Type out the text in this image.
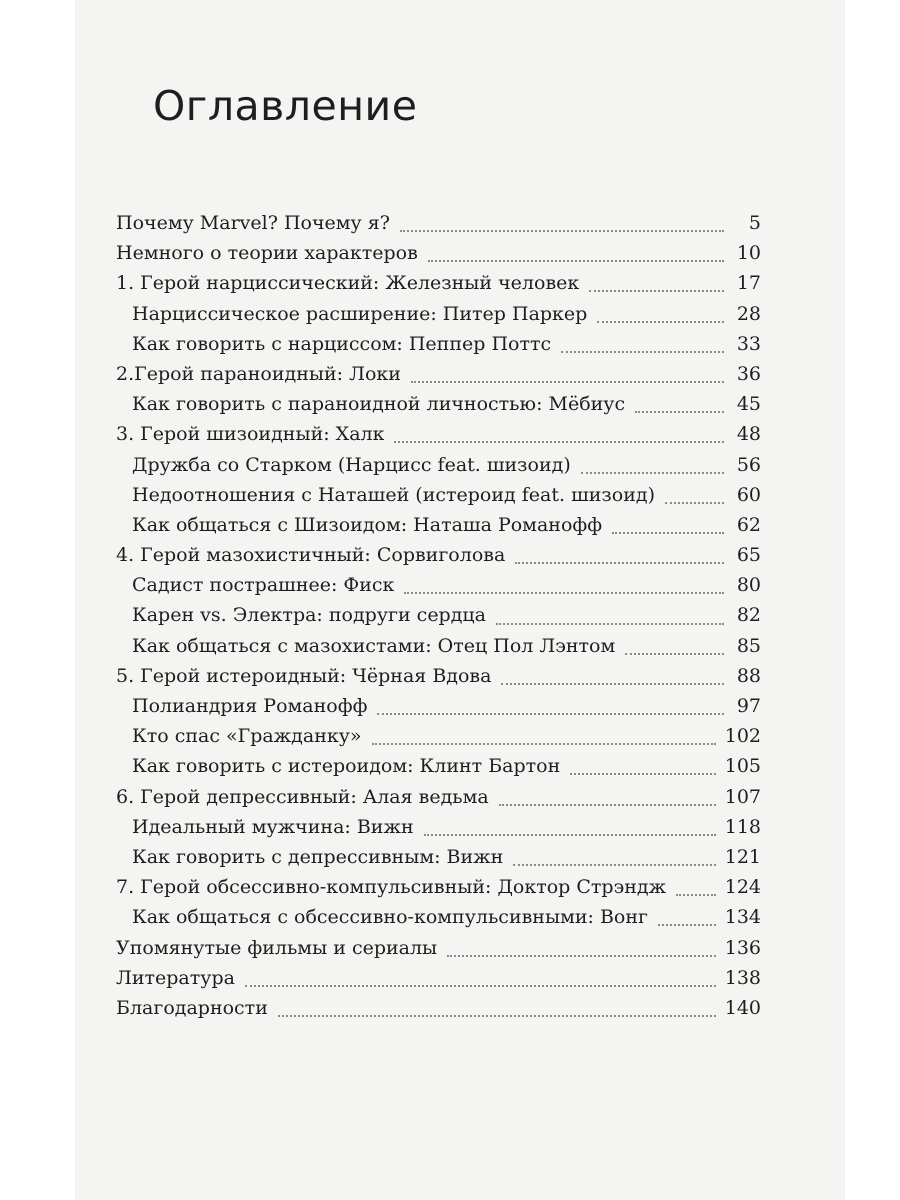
Оглавление
Почему Marvel? Почему я?	5
Немного о теории характеров	10
1. Герой нарциссический: Железный человек	17
Нарциссическое расширение: Питер Паркер	28
Как говорить с нарциссом: Пеппер Поттс	33
2.Герой параноидный: Локи	36
Как говорить с параноидной личностью: Мёбиус	45
3. Герой шизоидный: Халк	48
Дружба со Старком (Нарцисс feat. шизоид)	56
Недоотношения с Наташей (истероид feat. шизоид)	60
Как общаться с Шизоидом: Наташа Романофф	62
4. Герой мазохистичный: Сорвиголова	65
Садист пострашнее: Фиск	80
Карен vs. Электра: подруги сердца	82
Как общаться с мазохистами: Отец Пол Лэнтом	85
5. Герой истероидный: Чёрная Вдова	88
Полиандрия Романофф	97
Кто спас «Гражданку»	102
Как говорить с истероидом: Клинт Бартон	105
6. Герой депрессивный: Алая ведьма	107
Идеальный мужчина: Вижн	118
Как говорить с депрессивным: Вижн	121
7. Герой обсессивно-компульсивный: Доктор Стрэндж	124
Как общаться с обсессивно-компульсивными: Вонг	134
Упомянутые фильмы и сериалы	136
Литература	138
Благодарности	140
